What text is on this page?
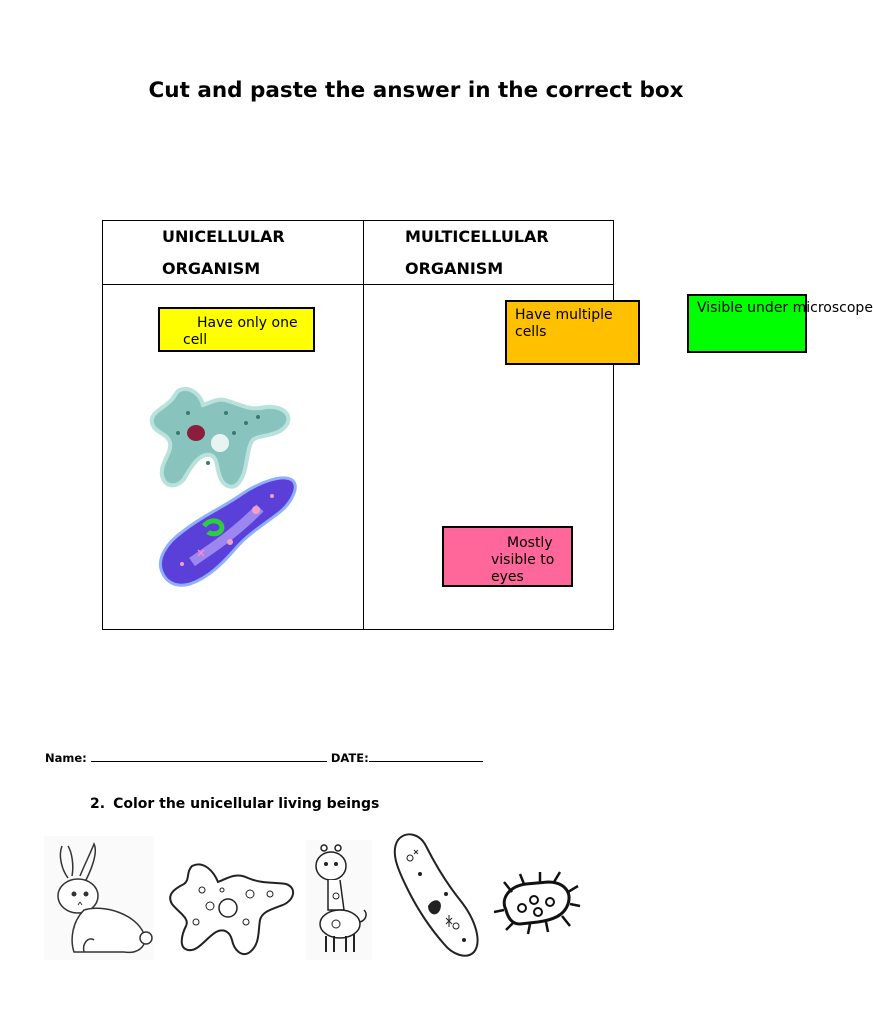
Cut and paste the answer in the correct box
UNICELLULAR
ORGANISM
MULTICELLULAR
ORGANISM
Have only one cell
Have multiple cells
Visible under microscope
Mostly visible to eyes
Name:	DATE:
2. Color the unicellular living beings
